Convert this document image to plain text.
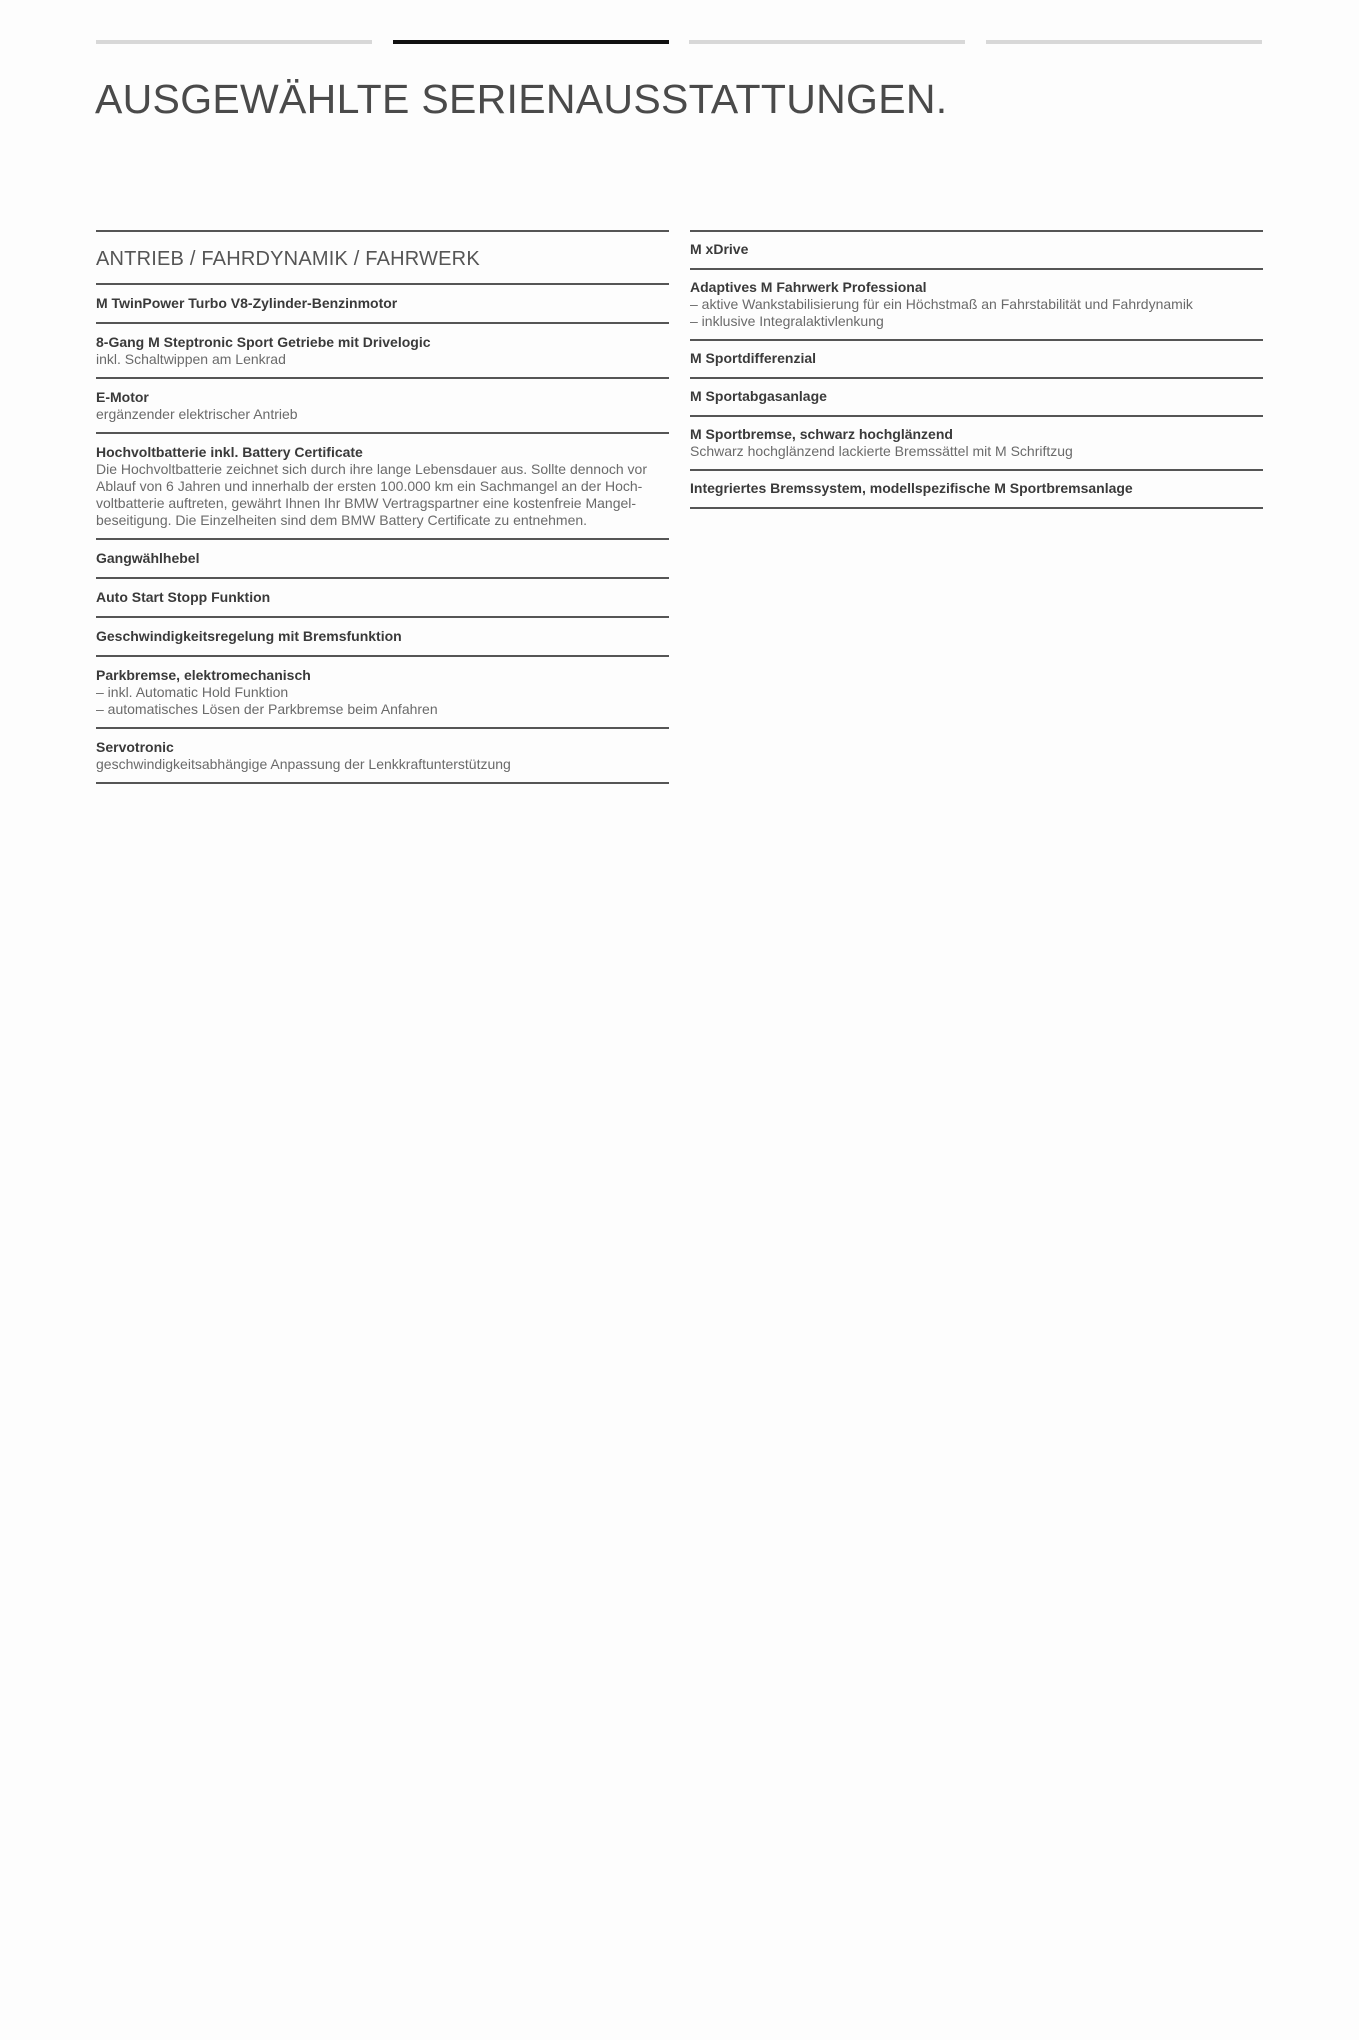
AUSGEWÄHLTE SERIENAUSSTATTUNGEN.
ANTRIEB / FAHRDYNAMIK / FAHRWERK
M TwinPower Turbo V8-Zylinder-Benzinmotor
8-Gang M Steptronic Sport Getriebe mit Drivelogic
inkl. Schaltwippen am Lenkrad
E-Motor
ergänzender elektrischer Antrieb
Hochvoltbatterie inkl. Battery Certificate

Die Hochvoltbatterie zeichnet sich durch ihre lange Lebensdauer aus. Sollte dennoch vor Ablauf von 6 Jahren und innerhalb der ersten 100.000 km ein Sachmangel an der Hoch- voltbatterie auftreten, gewährt Ihnen Ihr BMW Vertragspartner eine kostenfreie Mangel- beseitigung. Die Einzelheiten sind dem BMW Battery Certificate zu entnehmen.

Gangwählhebel
Auto Start Stopp Funktion
Geschwindigkeitsregelung mit Bremsfunktion
Parkbremse, elektromechanisch
– inkl. Automatic Hold Funktion
– automatisches Lösen der Parkbremse beim Anfahren
Servotronic
geschwindigkeitsabhängige Anpassung der Lenkkraftunterstützung
M xDrive
Adaptives M Fahrwerk Professional
– aktive Wankstabilisierung für ein Höchstmaß an Fahrstabilität und Fahrdynamik
– inklusive Integralaktivlenkung
M Sportdifferenzial
M Sportabgasanlage
M Sportbremse, schwarz hochglänzend
Schwarz hochglänzend lackierte Bremssättel mit M Schriftzug
Integriertes Bremssystem, modellspezifische M Sportbremsanlage
